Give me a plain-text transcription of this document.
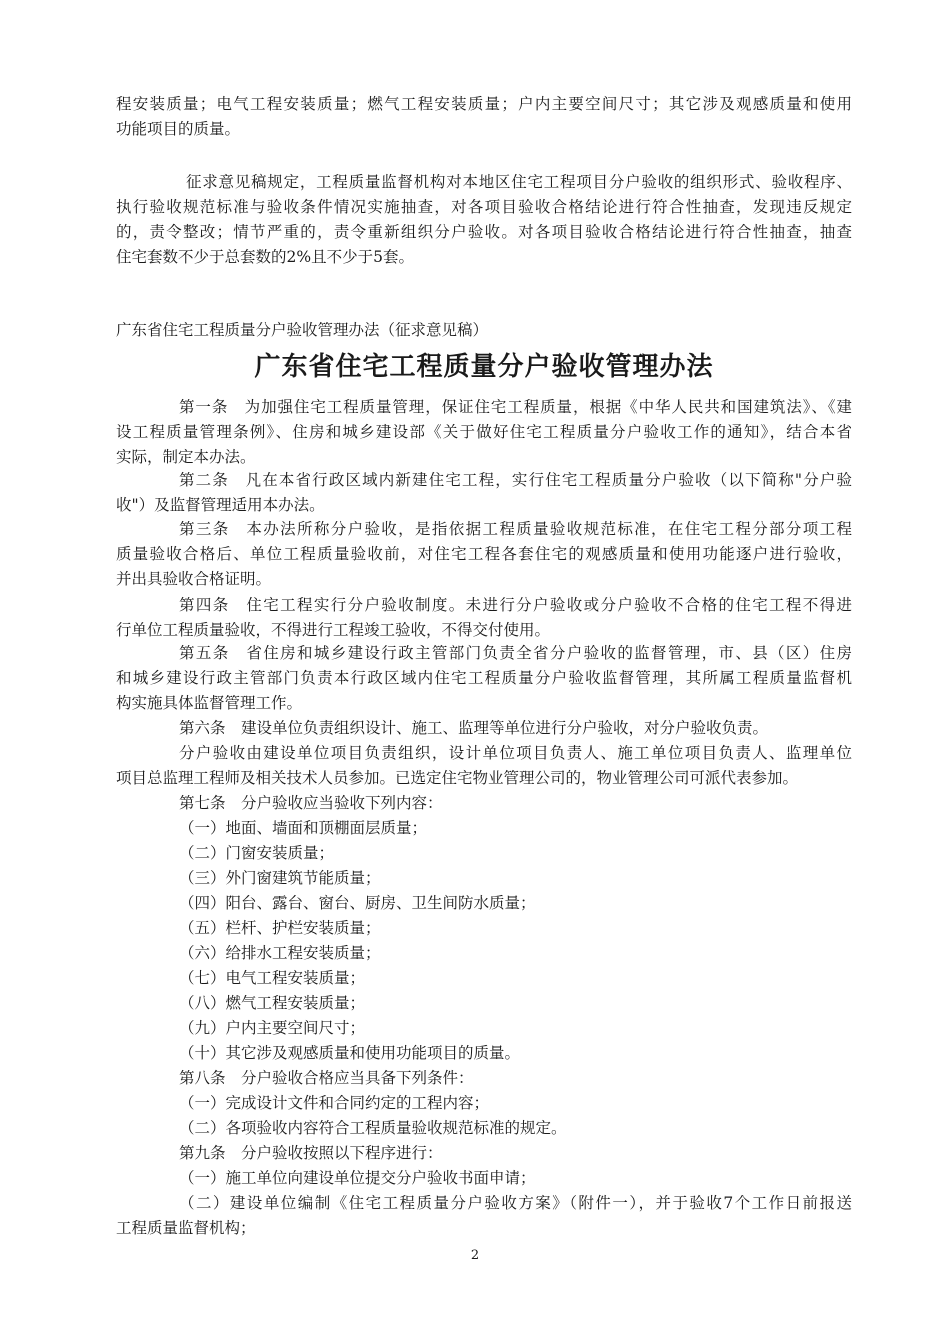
程安装质量；电气工程安装质量；燃气工程安装质量；户内主要空间尺寸；其它涉及观感质量和使用
功能项目的质量。
征求意见稿规定，工程质量监督机构对本地区住宅工程项目分户验收的组织形式、验收程序、
执行验收规范标准与验收条件情况实施抽查，对各项目验收合格结论进行符合性抽查，发现违反规定
的，责令整改；情节严重的，责令重新组织分户验收。对各项目验收合格结论进行符合性抽查，抽查
住宅套数不少于总套数的2%且不少于5套。
广东省住宅工程质量分户验收管理办法（征求意见稿）
广东省住宅工程质量分户验收管理办法
第一条　为加强住宅工程质量管理，保证住宅工程质量，根据《中华人民共和国建筑法》、《建
设工程质量管理条例》、住房和城乡建设部《关于做好住宅工程质量分户验收工作的通知》，结合本省
实际，制定本办法。
第二条　凡在本省行政区域内新建住宅工程，实行住宅工程质量分户验收（以下简称"分户验
收"）及监督管理适用本办法。
第三条　本办法所称分户验收，是指依据工程质量验收规范标准，在住宅工程分部分项工程
质量验收合格后、单位工程质量验收前，对住宅工程各套住宅的观感质量和使用功能逐户进行验收，
并出具验收合格证明。
第四条　住宅工程实行分户验收制度。未进行分户验收或分户验收不合格的住宅工程不得进
行单位工程质量验收，不得进行工程竣工验收，不得交付使用。
第五条　省住房和城乡建设行政主管部门负责全省分户验收的监督管理，市、县（区）住房
和城乡建设行政主管部门负责本行政区域内住宅工程质量分户验收监督管理，其所属工程质量监督机
构实施具体监督管理工作。
第六条　建设单位负责组织设计、施工、监理等单位进行分户验收，对分户验收负责。
分户验收由建设单位项目负责组织，设计单位项目负责人、施工单位项目负责人、监理单位
项目总监理工程师及相关技术人员参加。已选定住宅物业管理公司的，物业管理公司可派代表参加。
第七条　分户验收应当验收下列内容：
（一）地面、墙面和顶棚面层质量；
（二）门窗安装质量；
（三）外门窗建筑节能质量；
（四）阳台、露台、窗台、厨房、卫生间防水质量；
（五）栏杆、护栏安装质量；
（六）给排水工程安装质量；
（七）电气工程安装质量；
（八）燃气工程安装质量；
（九）户内主要空间尺寸；
（十）其它涉及观感质量和使用功能项目的质量。
第八条　分户验收合格应当具备下列条件：
（一）完成设计文件和合同约定的工程内容；
（二）各项验收内容符合工程质量验收规范标准的规定。
第九条　分户验收按照以下程序进行：
（一）施工单位向建设单位提交分户验收书面申请；
（二）建设单位编制《住宅工程质量分户验收方案》（附件一），并于验收7个工作日前报送
工程质量监督机构；
2
